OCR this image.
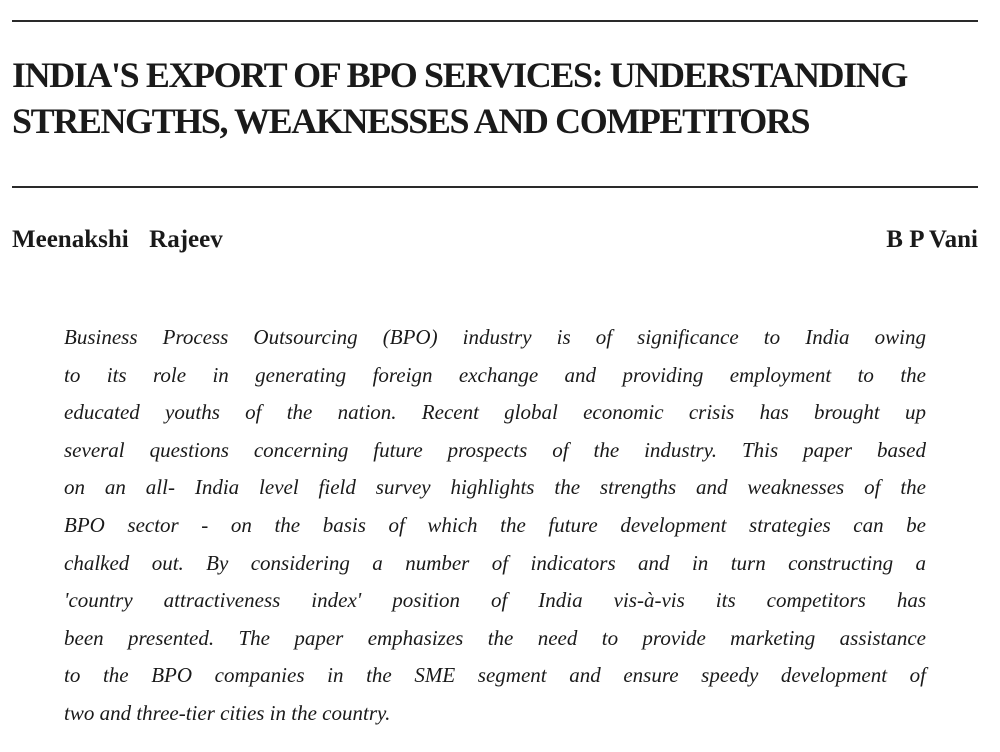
INDIA'S EXPORT OF BPO SERVICES: UNDERSTANDING
STRENGTHS, WEAKNESSES AND COMPETITORS
Meenakshi  Rajeev	B P Vani
Business Process Outsourcing (BPO) industry is of significance to India owing
to its role in generating foreign exchange and providing employment to the
educated youths of the nation. Recent global economic crisis has brought up
several questions concerning future prospects of the industry. This paper based
on an all- India level field survey highlights the strengths and weaknesses of the
BPO sector - on the basis of which the future development strategies can be
chalked out. By considering a number of indicators and in turn constructing a
'country attractiveness index' position of India vis-à-vis its competitors has
been presented. The paper emphasizes the need to provide marketing assistance
to the BPO companies in the SME segment and ensure speedy development of
two and three-tier cities in the country.
